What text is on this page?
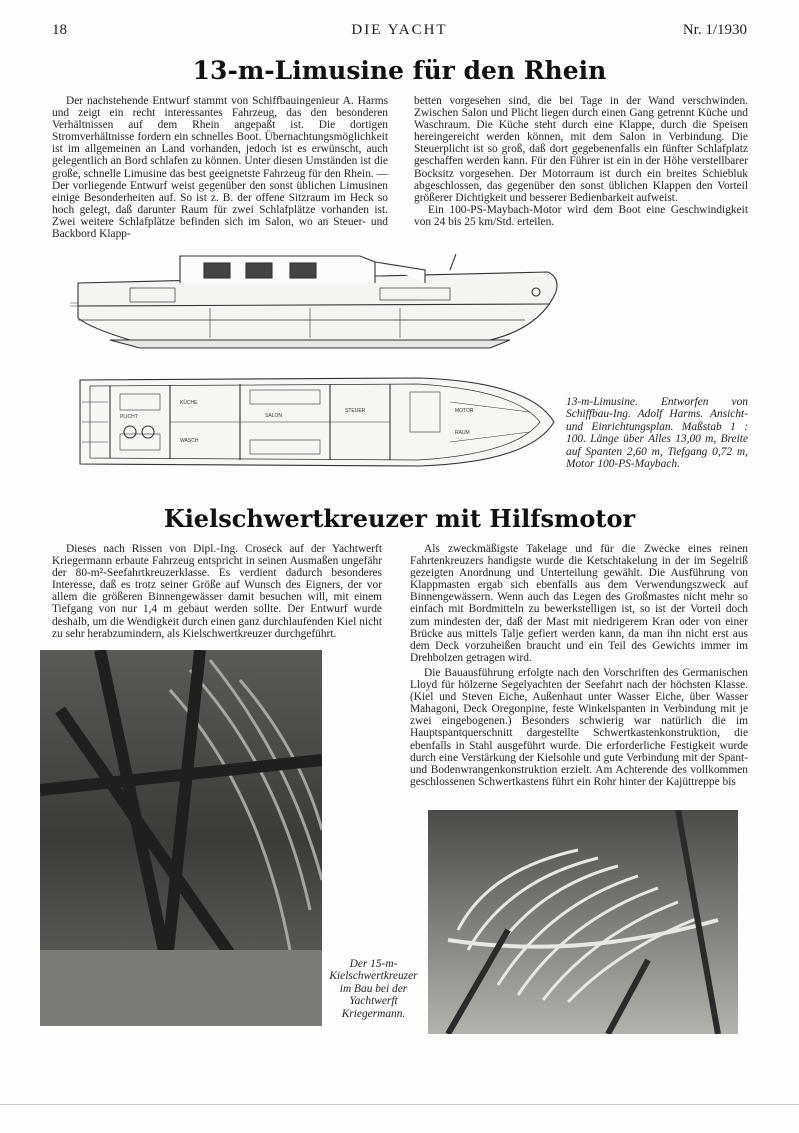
18	DIE YACHT	Nr. 1/1930
13-m-Limusine für den Rhein

Der nachstehende Entwurf stammt von Schiffbauingenieur A. Harms und zeigt ein recht interessantes Fahrzeug, das den besonderen Verhältnissen auf dem Rhein angepaßt ist. Die dortigen Stromverhältnisse fordern ein schnelles Boot. Übernachtungsmöglichkeit ist im allgemeinen an Land vorhanden, jedoch ist es erwünscht, auch gelegentlich an Bord schlafen zu können. Unter diesen Umständen ist die große, schnelle Limusine das best geeignetste Fahrzeug für den Rhein. — Der vorliegende Entwurf weist gegenüber den sonst üblichen Limusinen einige Besonderheiten auf. So ist z. B. der offene Sitzraum im Heck so hoch gelegt, daß darunter Raum für zwei Schlafplätze vorhanden ist. Zwei weitere Schlafplätze befinden sich im Salon, wo an Steuer- und Backbord Klapp-

betten vorgesehen sind, die bei Tage in der Wand verschwinden. Zwischen Salon und Plicht liegen durch einen Gang getrennt Küche und Waschraum. Die Küche steht durch eine Klappe, durch die Speisen hereingereicht werden können, mit dem Salon in Verbindung. Die Steuerplicht ist so groß, daß dort gegebenenfalls ein fünfter Schlafplatz geschaffen werden kann. Für den Führer ist ein in der Höhe verstellbarer Bocksitz vorgesehen. Der Motorraum ist durch ein breites Schiebluk abgeschlossen, das gegenüber den sonst üblichen Klappen den Vorteil größerer Dichtigkeit und besserer Bedienbarkeit aufweist.

Ein 100-PS-Maybach-Motor wird dem Boot eine Geschwindigkeit von 24 bis 25 km/Std. erteilen.

KÜCHE
WASCH
SALON
STEUER
PLICHT
MOTOR
RAUM
13-m-Limusine. Entworfen von Schiffbau-Ing. Adolf Harms. Ansicht- und Einrichtungsplan. Maßstab 1 : 100. Länge über Alles 13,00 m, Breite auf Spanten 2,60 m, Tiefgang 0,72 m, Motor 100-PS-Maybach.
Kielschwertkreuzer mit Hilfsmotor

Dieses nach Rissen von Dipl.-Ing. Croseck auf der Yachtwerft Kriegermann erbaute Fahrzeug entspricht in seinen Ausmaßen ungefähr der 80-m²-Seefahrtkreuzerklasse. Es verdient dadurch besonderes Interesse, daß es trotz seiner Größe auf Wunsch des Eigners, der vor allem die größeren Binnengewässer damit besuchen will, mit einem Tiefgang von nur 1,4 m gebaut werden sollte. Der Entwurf wurde deshalb, um die Wendigkeit durch einen ganz durchlaufenden Kiel nicht zu sehr herabzumindern, als Kielschwertkreuzer durchgeführt.

Als zweckmäßigste Takelage und für die Zwecke eines reinen Fahrtenkreuzers handigste wurde die Ketschtakelung in der im Segelriß gezeigten Anordnung und Unterteilung gewählt. Die Ausführung von Klappmasten ergab sich ebenfalls aus dem Verwendungszweck auf Binnengewässern. Wenn auch das Legen des Großmastes nicht mehr so einfach mit Bordmitteln zu bewerkstelligen ist, so ist der Vorteil doch zum mindesten der, daß der Mast mit niedrigerem Kran oder von einer Brücke aus mittels Talje gefiert werden kann, da man ihn nicht erst aus dem Deck vorzuheißen braucht und ein Teil des Gewichts immer im Drehbolzen getragen wird.

Die Bauausführung erfolgte nach den Vorschriften des Germanischen Lloyd für hölzerne Segelyachten der Seefahrt nach der höchsten Klasse. (Kiel und Steven Eiche, Außenhaut unter Wasser Eiche, über Wasser Mahagoni, Deck Oregonpine, feste Winkelspanten in Verbindung mit je zwei eingebogenen.) Besonders schwierig war natürlich die im Hauptspantquerschnitt dargestellte Schwertkastenkonstruktion, die ebenfalls in Stahl ausgeführt wurde. Die erforderliche Festigkeit wurde durch eine Verstärkung der Kielsohle und gute Verbindung mit der Spant- und Bodenwrangenkonstruktion erzielt. Am Achterende des vollkommen geschlossenen Schwertkastens führt ein Rohr hinter der Kajüttreppe bis

Der 15-m-Kielschwertkreuzer im Bau bei der Yachtwerft Kriegermann.
